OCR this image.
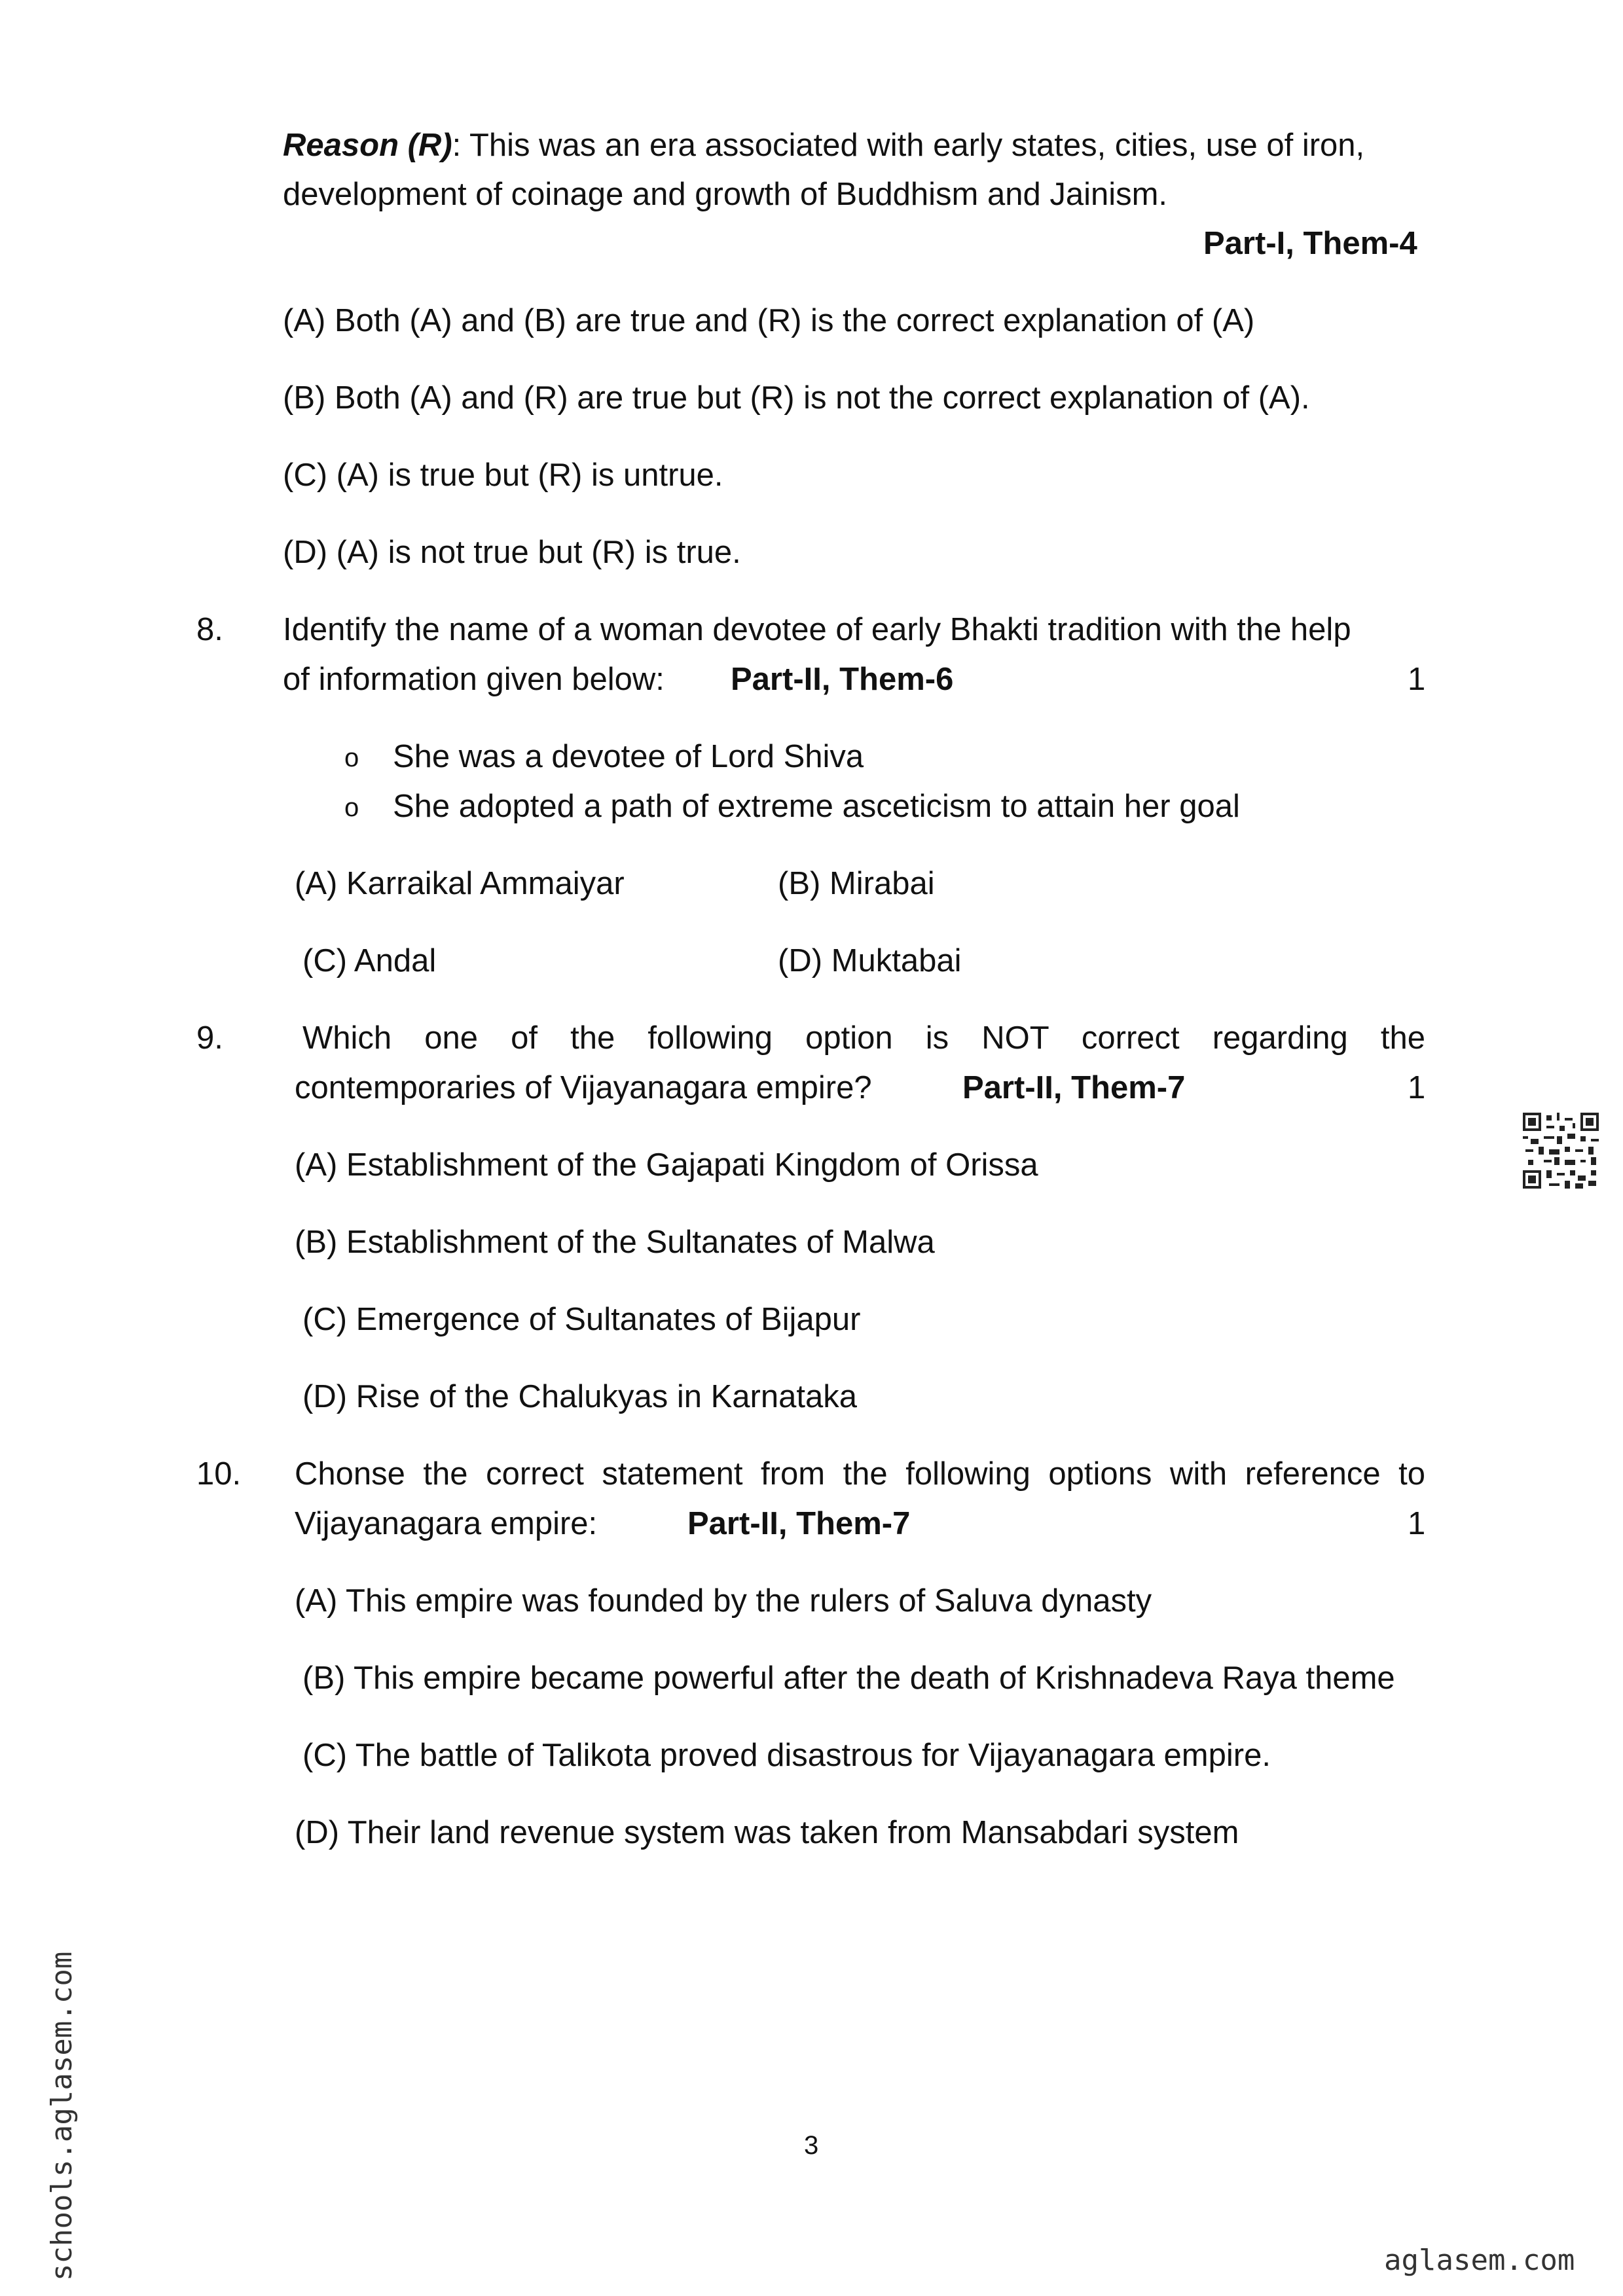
Reason (R): This was an era associated with early states, cities, use of iron,
development of coinage and growth of Buddhism and Jainism.
Part-I, Them-4
(A) Both (A) and (B) are true and (R) is the correct explanation of (A)
(B) Both (A) and (R) are true but (R) is not the correct explanation of (A).
(C) (A) is true but (R) is untrue.
(D) (A) is not true but (R) is true.
8. Identify the name of a woman devotee of early Bhakti tradition with the help
of information given below: Part-II, Them-6	1
o She was a devotee of Lord Shiva
o She adopted a path of extreme asceticism to attain her goal
(A) Karraikal Ammaiyar	(B) Mirabai
(C) Andal	(D) Muktabai
9. Which one of the following option is NOT correct regarding the
contemporaries of Vijayanagara empire?	Part-II, Them-7	1
(A) Establishment of the Gajapati Kingdom of Orissa
(B) Establishment of the Sultanates of Malwa
(C) Emergence of Sultanates of Bijapur
(D) Rise of the Chalukyas in Karnataka
10. Chonse the correct statement from the following options with reference to
Vijayanagara empire:	Part-II, Them-7	1
(A) This empire was founded by the rulers of Saluva dynasty
(B) This empire became powerful after the death of Krishnadeva Raya theme
(C) The battle of Talikota proved disastrous for Vijayanagara empire.
(D) Their land revenue system was taken from Mansabdari system
3
schools.aglasem.com	aglasem.com
